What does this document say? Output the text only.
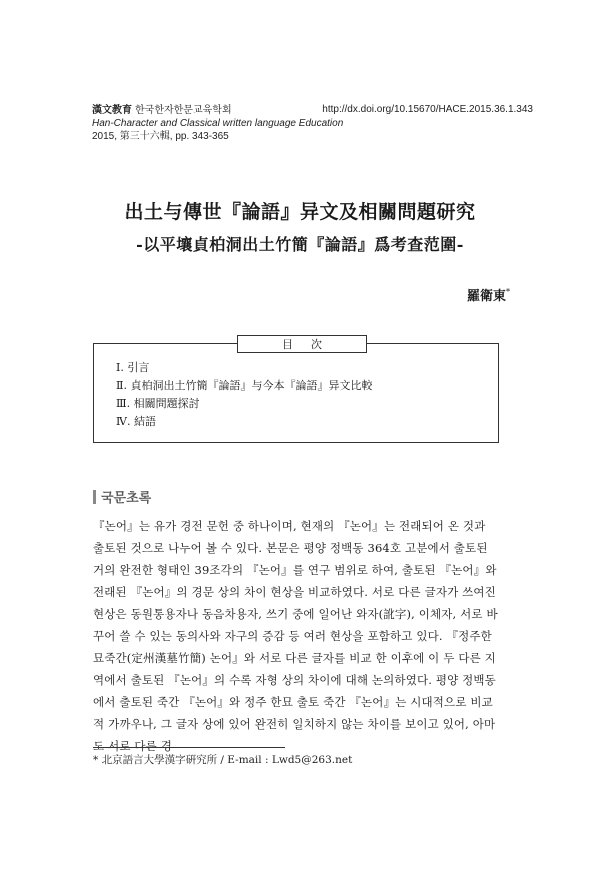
漢文教育 한국한자한문교육학회
Han-Character and Classical written language Education
2015, 第三十六輯, pp. 343-365
http://dx.doi.org/10.15670/HACE.2015.36.1.343
出土与傳世『論語』异文及相關問題研究
-以平壤貞柏洞出土竹簡『論語』爲考查范圍-
羅衛東*
目次
Ⅰ. 引言
Ⅱ. 貞柏洞出土竹簡『論語』与今本『論語』异文比較
Ⅲ. 相關問題探討
Ⅳ. 結語
국문초록

『논어』는 유가 경전 문헌 중 하나이며, 현재의 『논어』는 전래되어 온 것과 출토된 것으로 나누어 볼 수 있다. 본문은 평양 정백동 364호 고분에서 출토된 거의 완전한 형태인 39조각의 『논어』를 연구 범위로 하여, 출토된 『논어』와 전래된 『논어』의 경문 상의 차이 현상을 비교하였다. 서로 다른 글자가 쓰여진 현상은 동원통용자나 동음차용자, 쓰기 중에 일어난 와자(訛字), 이체자, 서로 바꾸어 쓸 수 있는 동의사와 자구의 증감 등 여러 현상을 포함하고 있다. 『정주한묘죽간(定州漢墓竹簡) 논어』와 서로 다른 글자를 비교 한 이후에 이 두 다른 지역에서 출토된 『논어』의 수록 자형 상의 차이에 대해 논의하였다. 평양 정백동에서 출토된 죽간 『논어』와 정주 한묘 출토 죽간 『논어』는 시대적으로 비교적 가까우나, 그 글자 상에 있어 완전히 일치하지 않는 차이를 보이고 있어, 아마도 서로 다른 경

* 北京語言大學漢字硏究所 / E-mail : Lwd5@263.net
